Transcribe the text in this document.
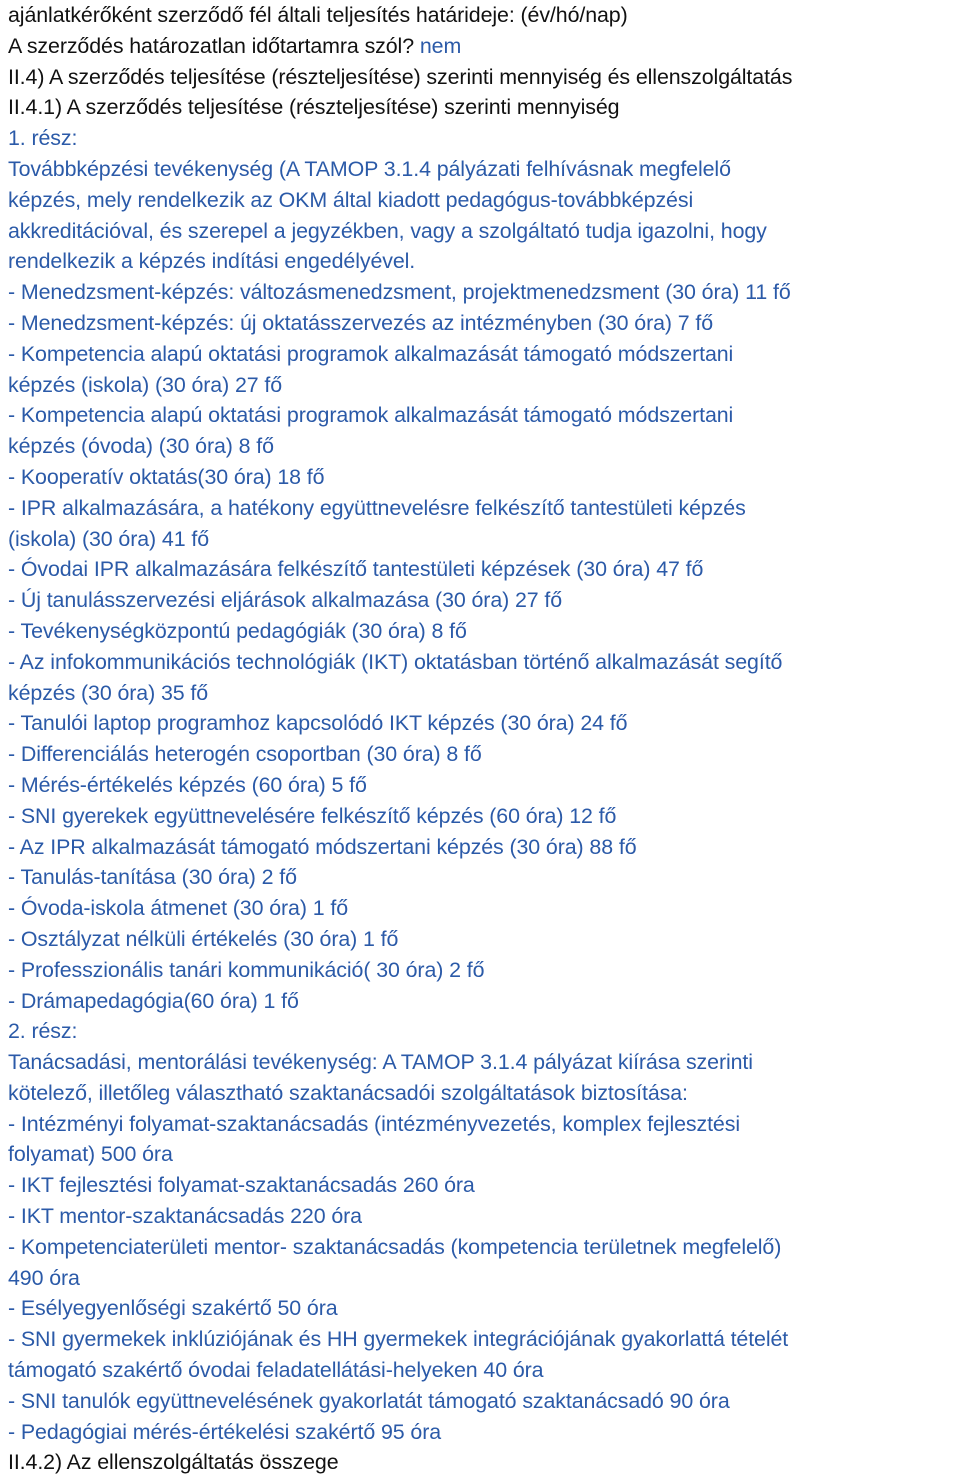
ajánlatkérőként szerződő fél általi teljesítés határideje: (év/hó/nap)
A szerződés határozatlan időtartamra szól? nem
II.4) A szerződés teljesítése (részteljesítése) szerinti mennyiség és ellenszolgáltatás
II.4.1) A szerződés teljesítése (részteljesítése) szerinti mennyiség
1. rész:
Továbbképzési tevékenység (A TAMOP 3.1.4 pályázati felhívásnak megfelelő
képzés, mely rendelkezik az OKM által kiadott pedagógus-továbbképzési
akkreditációval, és szerepel a jegyzékben, vagy a szolgáltató tudja igazolni, hogy
rendelkezik a képzés indítási engedélyével.
- Menedzsment-képzés: változásmenedzsment, projektmenedzsment (30 óra) 11 fő
- Menedzsment-képzés: új oktatásszervezés az intézményben (30 óra) 7 fő
- Kompetencia alapú oktatási programok alkalmazását támogató módszertani
képzés (iskola) (30 óra) 27 fő
- Kompetencia alapú oktatási programok alkalmazását támogató módszertani
képzés (óvoda) (30 óra) 8 fő
- Kooperatív oktatás(30 óra) 18 fő
- IPR alkalmazására, a hatékony együttnevelésre felkészítő tantestületi képzés
(iskola) (30 óra) 41 fő
- Óvodai IPR alkalmazására felkészítő tantestületi képzések (30 óra) 47 fő
- Új tanulásszervezési eljárások alkalmazása (30 óra) 27 fő
- Tevékenységközpontú pedagógiák (30 óra) 8 fő
- Az infokommunikációs technológiák (IKT) oktatásban történő alkalmazását segítő
képzés (30 óra) 35 fő
- Tanulói laptop programhoz kapcsolódó IKT képzés (30 óra) 24 fő
- Differenciálás heterogén csoportban (30 óra) 8 fő
- Mérés-értékelés képzés (60 óra) 5 fő
- SNI gyerekek együttnevelésére felkészítő képzés (60 óra) 12 fő
- Az IPR alkalmazását támogató módszertani képzés (30 óra) 88 fő
- Tanulás-tanítása (30 óra) 2 fő
- Óvoda-iskola átmenet (30 óra) 1 fő
- Osztályzat nélküli értékelés (30 óra) 1 fő
- Professzionális tanári kommunikáció( 30 óra) 2 fő
- Drámapedagógia(60 óra) 1 fő
2. rész:
Tanácsadási, mentorálási tevékenység: A TAMOP 3.1.4 pályázat kiírása szerinti
kötelező, illetőleg választható szaktanácsadói szolgáltatások biztosítása:
- Intézményi folyamat-szaktanácsadás (intézményvezetés, komplex fejlesztési
folyamat) 500 óra
- IKT fejlesztési folyamat-szaktanácsadás 260 óra
- IKT mentor-szaktanácsadás 220 óra
- Kompetenciaterületi mentor- szaktanácsadás (kompetencia területnek megfelelő)
490 óra
- Esélyegyenlőségi szakértő 50 óra
- SNI gyermekek inklúziójának és HH gyermekek integrációjának gyakorlattá tételét
támogató szakértő óvodai feladatellátási-helyeken 40 óra
- SNI tanulók együttnevelésének gyakorlatát támogató szaktanácsadó 90 óra
- Pedagógiai mérés-értékelési szakértő 95 óra
II.4.2) Az ellenszolgáltatás összege
